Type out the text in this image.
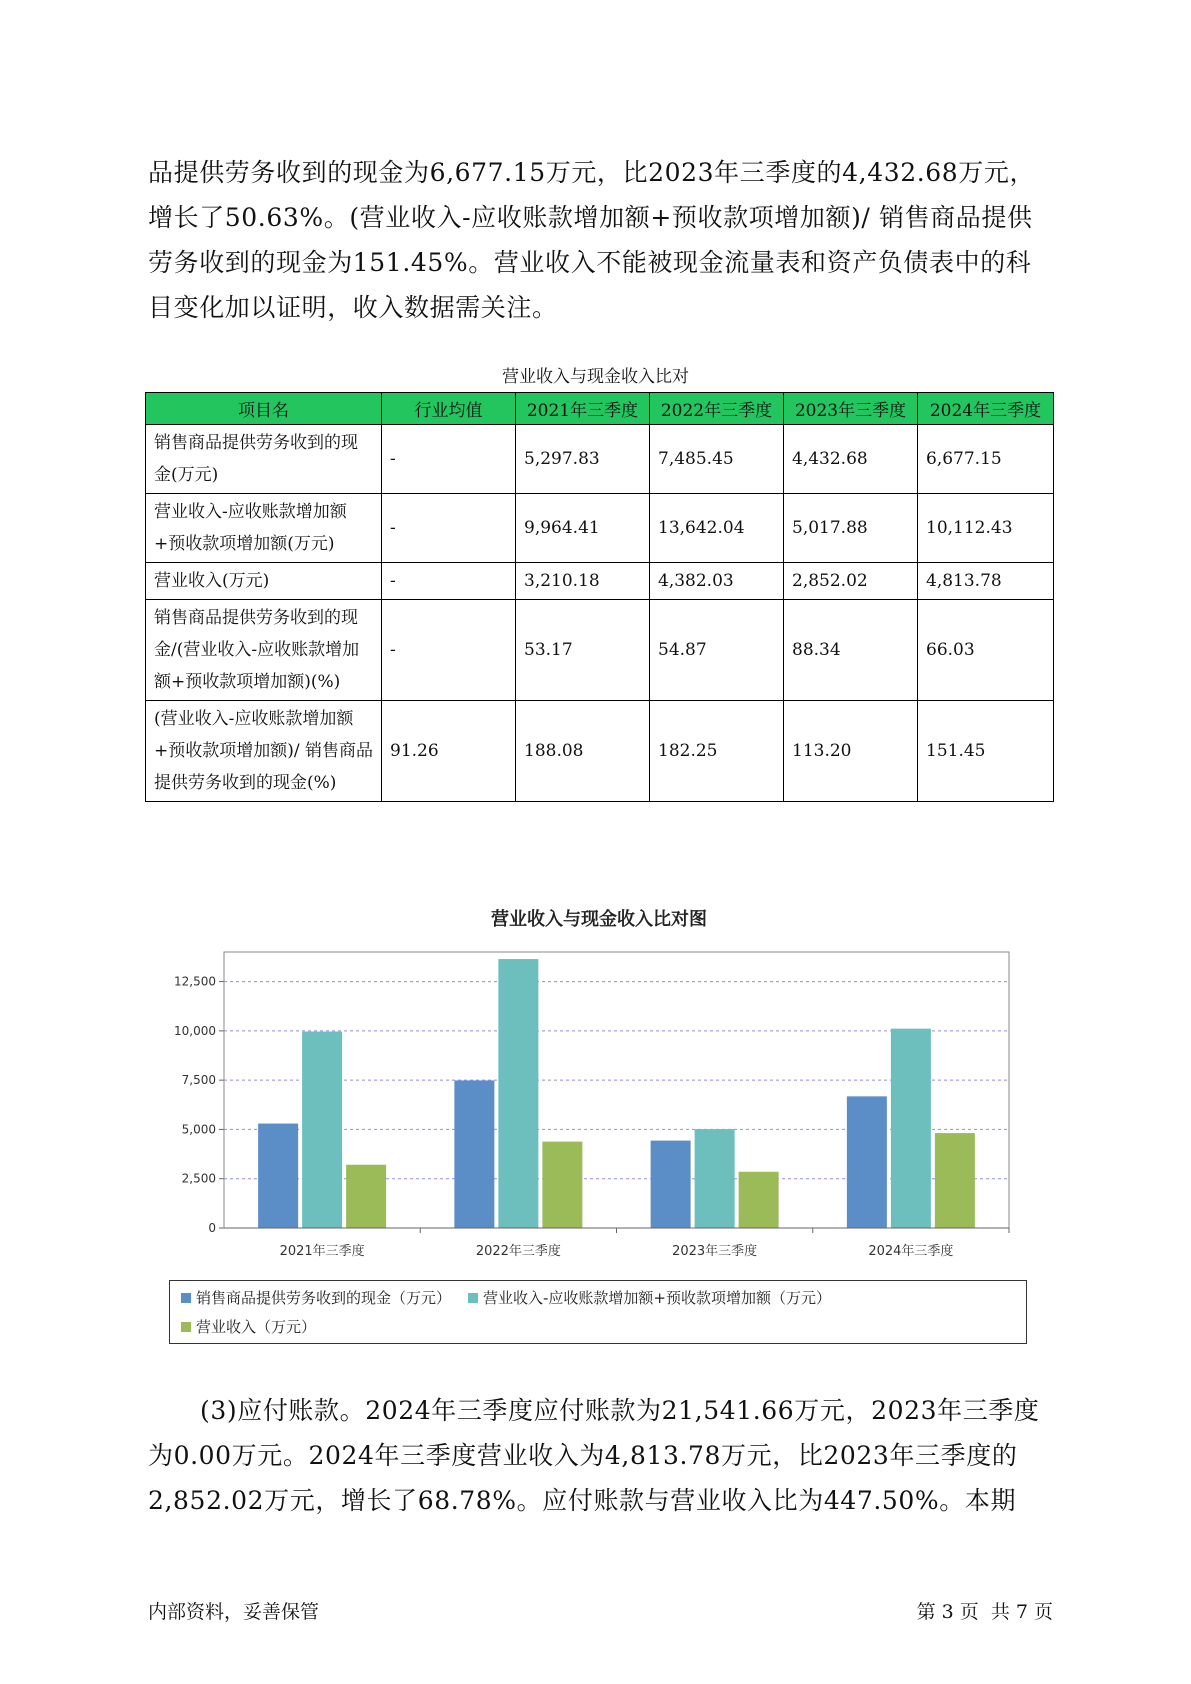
品提供劳务收到的现金为6,677.15万元，比2023年三季度的4,432.68万元，增长了50.63%。(营业收入-应收账款增加额+预收款项增加额)/ 销售商品提供劳务收到的现金为151.45%。营业收入不能被现金流量表和资产负债表中的科目变化加以证明，收入数据需关注。

营业收入与现金收入比对
项目名	行业均值	2021年三季度	2022年三季度	2023年三季度	2024年三季度
销售商品提供劳务收到的现金(万元)	-	5,297.83	7,485.45	4,432.68	6,677.15
营业收入-应收账款增加额+预收款项增加额(万元)	-	9,964.41	13,642.04	5,017.88	10,112.43
营业收入(万元)	-	3,210.18	4,382.03	2,852.02	4,813.78
销售商品提供劳务收到的现金/(营业收入-应收账款增加额+预收款项增加额)(%)	-	53.17	54.87	88.34	66.03
(营业收入-应收账款增加额+预收款项增加额)/ 销售商品提供劳务收到的现金(%)	91.26	188.08	182.25	113.20	151.45
营业收入与现金收入比对图
0
2,500
5,000
7,500
10,000
12,500
2021年三季度	2022年三季度	2023年三季度	2024年三季度
销售商品提供劳务收到的现金（万元） 营业收入-应收账款增加额+预收款项增加额（万元）
营业收入（万元）

(3)应付账款。2024年三季度应付账款为21,541.66万元，2023年三季度为0.00万元。2024年三季度营业收入为4,813.78万元，比2023年三季度的2,852.02万元，增长了68.78%。应付账款与营业收入比为447.50%。本期

内部资料，妥善保管	第 3 页  共 7 页
